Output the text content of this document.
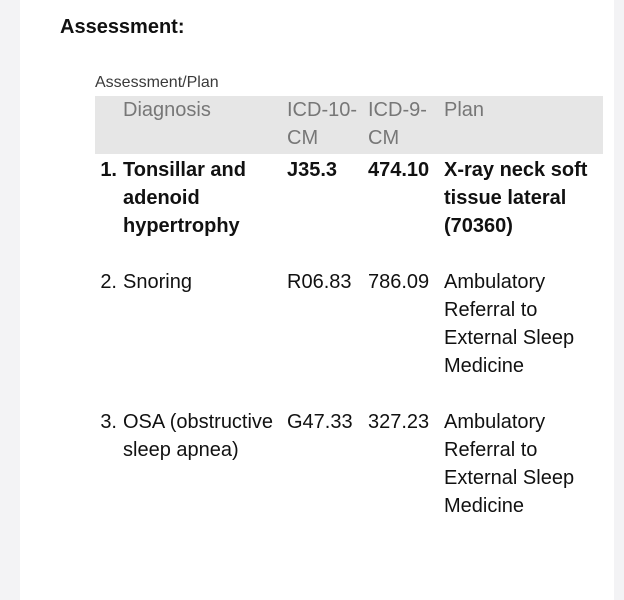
Assessment:
Assessment/Plan
	Diagnosis	ICD-10-CM	ICD-9-CM	Plan
1.	Tonsillar and adenoid hypertrophy	J35.3	474.10	X-ray neck soft tissue lateral (70360)
2.	Snoring	R06.83	786.09	Ambulatory Referral to External Sleep Medicine
3.	OSA (obstructive sleep apnea)	G47.33	327.23	Ambulatory Referral to External Sleep Medicine
